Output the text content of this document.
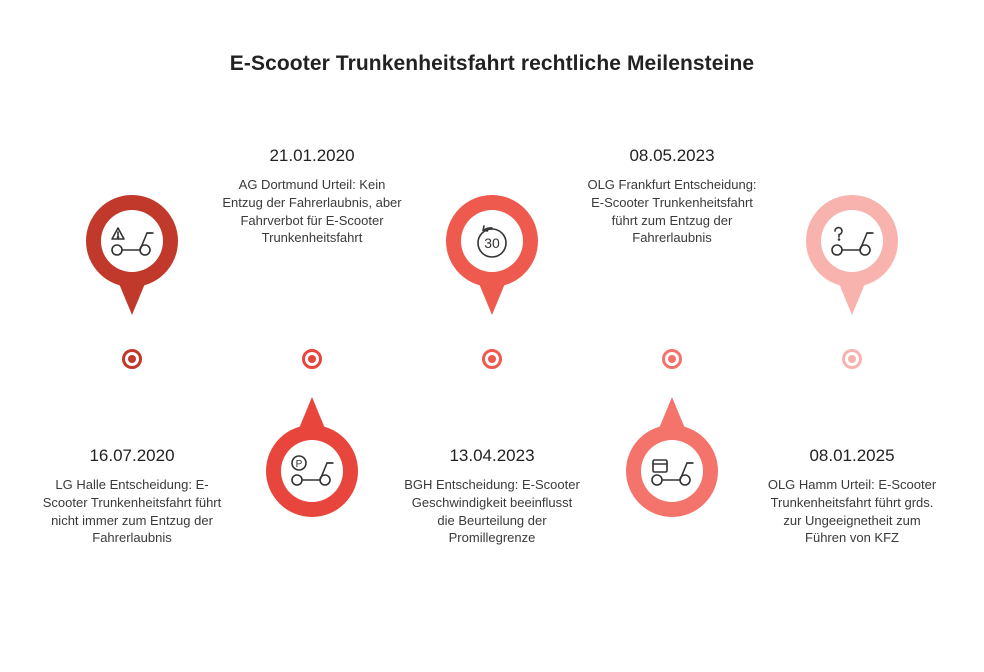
E-Scooter Trunkenheitsfahrt rechtliche Meilensteine
P
30
21.01.2020
AG Dortmund Urteil: Kein Entzug der Fahrerlaubnis, aber Fahrverbot für E-Scooter Trunkenheitsfahrt
08.05.2023
OLG Frankfurt Entscheidung: E-Scooter Trunkenheitsfahrt führt zum Entzug der Fahrerlaubnis
16.07.2020
LG Halle Entscheidung: E-Scooter Trunkenheitsfahrt führt nicht immer zum Entzug der Fahrerlaubnis
13.04.2023
BGH Entscheidung: E-Scooter Geschwindigkeit beeinflusst die Beurteilung der Promillegrenze
08.01.2025
OLG Hamm Urteil: E-Scooter Trunkenheitsfahrt führt grds. zur Ungeeignetheit zum Führen von KFZ
